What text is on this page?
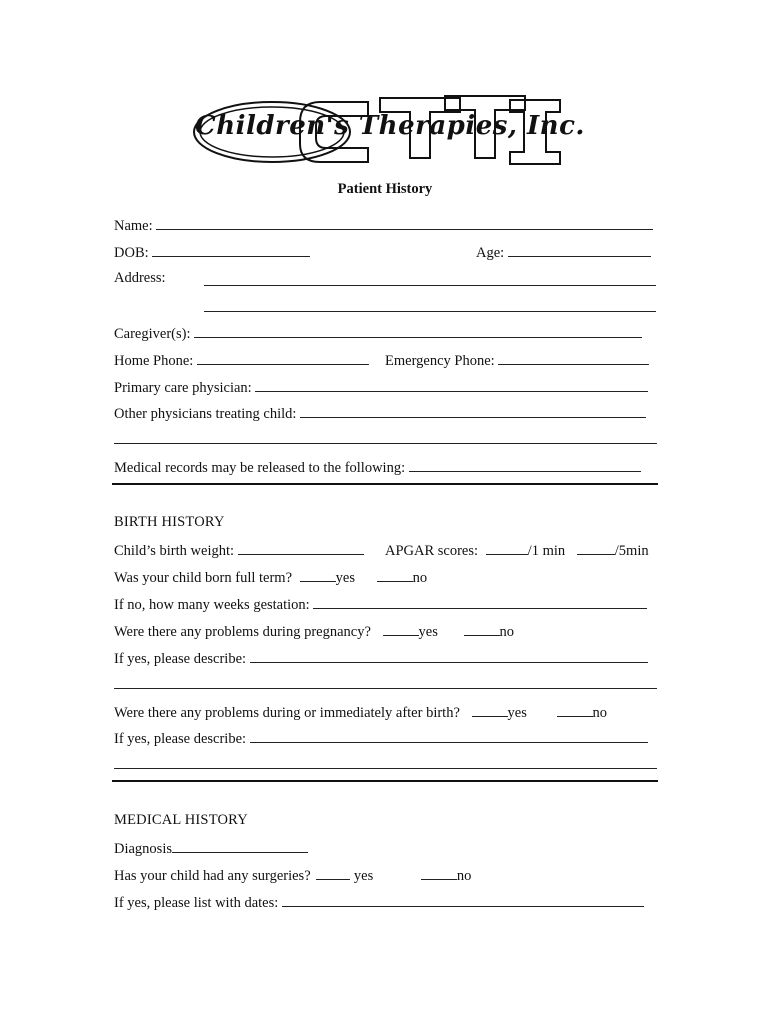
Children's Therapies, Inc.
Patient History
Name:
DOB:	Age:
Address:
Caregiver(s):
Home Phone:	Emergency Phone:
Primary care physician:
Other physicians treating child:
Medical records may be released to the following:
BIRTH HISTORY
Child’s birth weight:	APGAR scores:	/1 min	/5min
Was your child born full term?	yes	no
If no, how many weeks gestation:
Were there any problems during pregnancy?	yes	no
If yes, please describe:
Were there any problems during or immediately after birth?	yes	no
If yes, please describe:
MEDICAL HISTORY
Diagnosis
Has your child had any surgeries?	yes	no
If yes, please list with dates:
